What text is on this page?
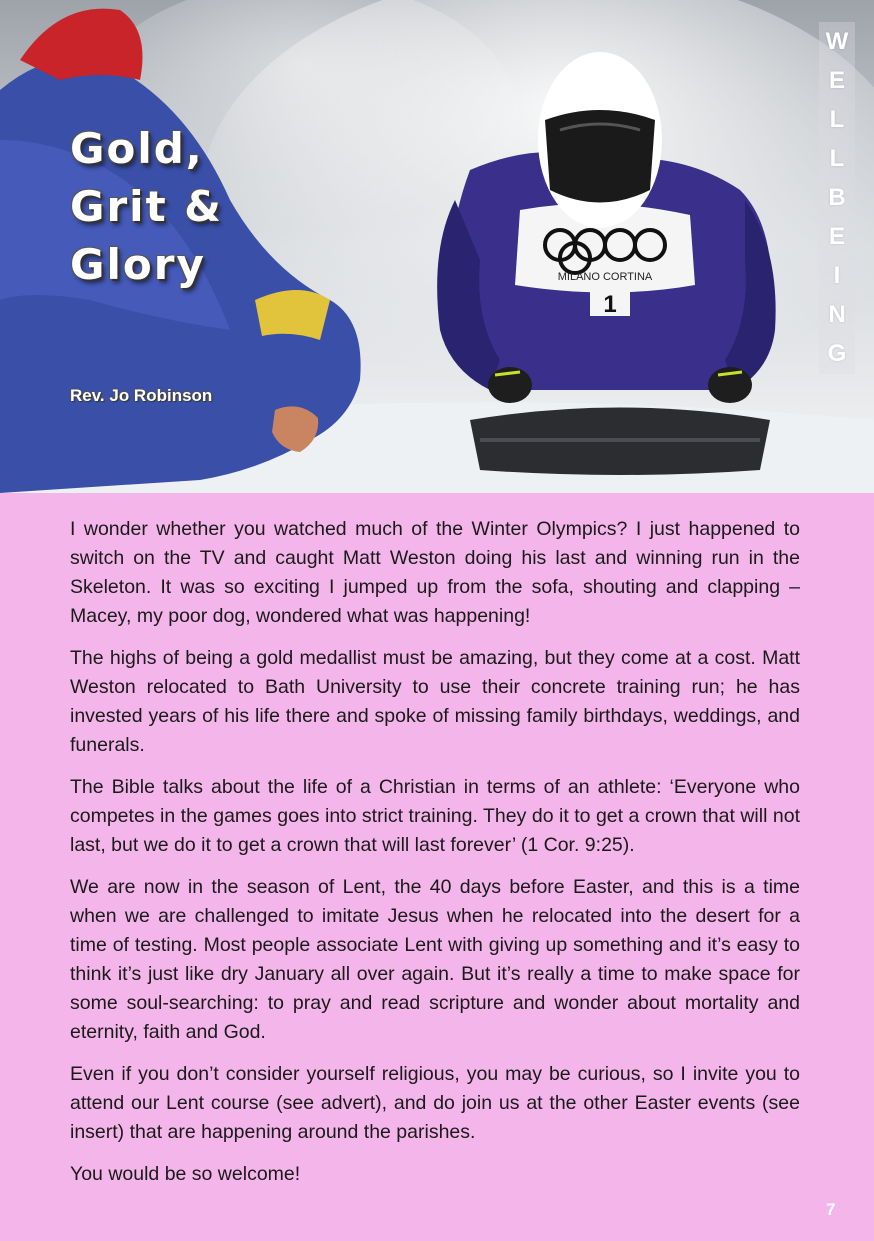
MILANO CORTINA
1
Gold,
Grit &
Glory
Rev. Jo Robinson
W
E
L
L
B
E
I
N
G

I wonder whether you watched much of the Winter Olympics? I just happened to switch on the TV and caught Matt Weston doing his last and winning run in the Skeleton. It was so exciting I jumped up from the sofa, shouting and clapping – Macey, my poor dog, wondered what was happening!

The highs of being a gold medallist must be amazing, but they come at a cost. Matt Weston relocated to Bath University to use their concrete training run; he has invested years of his life there and spoke of missing family birthdays, weddings, and funerals.

The Bible talks about the life of a Christian in terms of an athlete: ‘Everyone who competes in the games goes into strict training. They do it to get a crown that will not last, but we do it to get a crown that will last forever’ (1 Cor. 9:25).

We are now in the season of Lent, the 40 days before Easter, and this is a time when we are challenged to imitate Jesus when he relocated into the desert for a time of testing. Most people associate Lent with giving up something and it’s easy to think it’s just like dry January all over again. But it’s really a time to make space for some soul-searching: to pray and read scripture and wonder about mortality and eternity, faith and God.

Even if you don’t consider yourself religious, you may be curious, so I invite you to attend our Lent course (see advert), and do join us at the other Easter events (see insert) that are happening around the parishes.

You would be so welcome!

7
